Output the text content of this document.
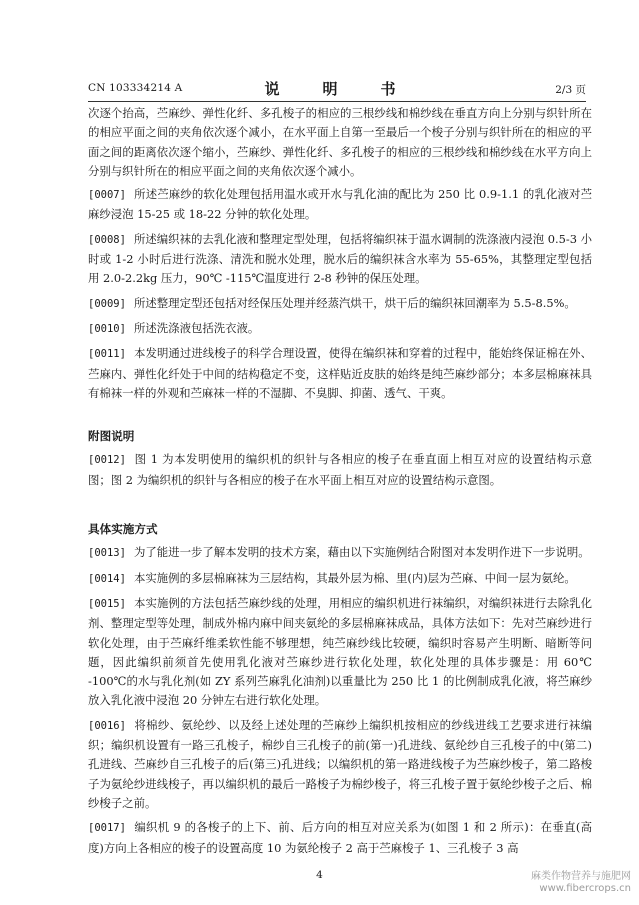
CN 103334214 A	说　明　书	2/3 页

次逐个抬高，苎麻纱、弹性化纤、多孔梭子的相应的三根纱线和棉纱线在垂直方向上分别与织针所在的相应平面之间的夹角依次逐个减小，在水平面上自第一至最后一个梭子分别与织针所在的相应的平面之间的距离依次逐个缩小，苎麻纱、弹性化纤、多孔梭子的相应的三根纱线和棉纱线在水平方向上分别与织针所在的相应平面之间的夹角依次逐个减小。

[0007] 所述苎麻纱的软化处理包括用温水或开水与乳化油的配比为 250 比 0.9-1.1 的乳化液对苎麻纱浸泡 15-25 或 18-22 分钟的软化处理。

[0008] 所述编织袜的去乳化液和整理定型处理，包括将编织袜于温水调制的洗涤液内浸泡 0.5-3 小时或 1-2 小时后进行洗涤、清洗和脱水处理，脱水后的编织袜含水率为 55-65%，其整理定型包括用 2.0-2.2kg 压力，90℃ -115℃温度进行 2-8 秒钟的保压处理。

[0009] 所述整理定型还包括对经保压处理并经蒸汽烘干，烘干后的编织袜回潮率为 5.5-8.5%。

[0010] 所述洗涤液包括洗衣液。

[0011] 本发明通过进线梭子的科学合理设置，使得在编织袜和穿着的过程中，能始终保证棉在外、苎麻内、弹性化纤处于中间的结构稳定不变，这样贴近皮肤的始终是纯苎麻纱部分；本多层棉麻袜具有棉袜一样的外观和苎麻袜一样的不湿脚、不臭脚、抑菌、透气、干爽。

附图说明

[0012] 图 1 为本发明使用的编织机的织针与各相应的梭子在垂直面上相互对应的设置结构示意图；图 2 为编织机的织针与各相应的梭子在水平面上相互对应的设置结构示意图。

具体实施方式

[0013] 为了能进一步了解本发明的技术方案，藉由以下实施例结合附图对本发明作进下一步说明。

[0014] 本实施例的多层棉麻袜为三层结构，其最外层为棉、里(内)层为苎麻、中间一层为氨纶。

[0015] 本实施例的方法包括苎麻纱线的处理，用相应的编织机进行袜编织，对编织袜进行去除乳化剂、整理定型等处理，制成外棉内麻中间夹氨纶的多层棉麻袜成品，具体方法如下：先对苎麻纱进行软化处理，由于苎麻纤维柔软性能不够理想，纯苎麻纱线比较硬，编织时容易产生明断、暗断等问题，因此编织前须首先使用乳化液对苎麻纱进行软化处理，软化处理的具体步骤是：用 60℃ -100℃的水与乳化剂(如 ZY 系列苎麻乳化油剂)以重量比为 250 比 1 的比例制成乳化液，将苎麻纱放入乳化液中浸泡 20 分钟左右进行软化处理。

[0016] 将棉纱、氨纶纱、以及经上述处理的苎麻纱上编织机按相应的纱线进线工艺要求进行袜编织；编织机设置有一路三孔梭子，棉纱自三孔梭子的前(第一)孔进线、氨纶纱自三孔梭子的中(第二)孔进线、苎麻纱自三孔梭子的后(第三)孔进线；以编织机的第一路进线梭子为苎麻纱梭子，第二路梭子为氨纶纱进线梭子，再以编织机的最后一路梭子为棉纱梭子，将三孔梭子置于氨纶纱梭子之后、棉纱梭子之前。

[0017] 编织机 9 的各梭子的上下、前、后方向的相互对应关系为(如图 1 和 2 所示)：在垂直(高度)方向上各相应的梭子的设置高度 10 为氨纶梭子 2 高于苎麻梭子 1、三孔梭子 3 高

4	麻类作物营养与施肥网
www.fibercrops.cn
